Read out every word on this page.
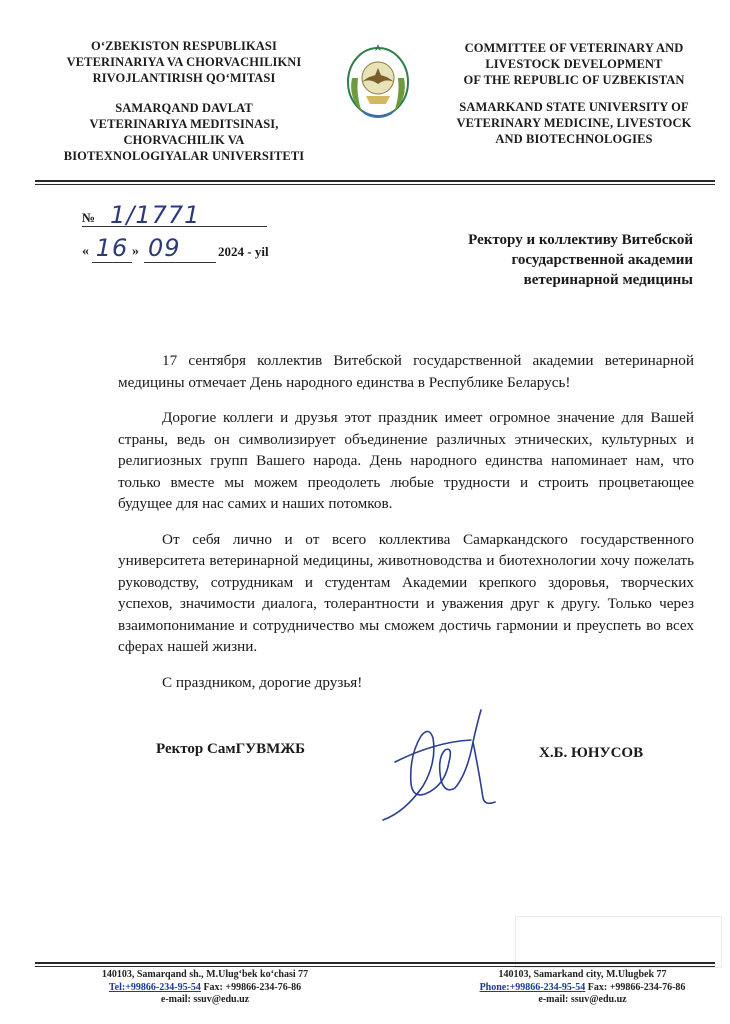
O‘ZBEKISTON RESPUBLIKASI
VETERINARIYA VA CHORVACHILIKNI
RIVOJLANTIRISH QO‘MITASI
SAMARQAND DAVLAT
VETERINARIYA MEDITSINASI,
CHORVACHILIK VA
BIOTEXNOLOGIYALAR UNIVERSITETI
COMMITTEE OF VETERINARY AND
LIVESTOCK DEVELOPMENT
OF THE REPUBLIC OF UZBEKISTAN
SAMARKAND STATE UNIVERSITY OF
VETERINARY MEDICINE, LIVESTOCK
AND BIOTECHNOLOGIES
№ 1/1771
« 16 » 09	2024 - yil
Ректору и коллективу Витебской
государственной академии
ветеринарной медицины

17 сентября коллектив Витебской государственной академии ветеринарной медицины отмечает День народного единства в Республике Беларусь!

Дорогие коллеги и друзья этот праздник имеет огромное значение для Вашей страны, ведь он символизирует объединение различных этнических, культурных и религиозных групп Вашего народа. День народного единства напоминает нам, что только вместе мы можем преодолеть любые трудности и строить процветающее будущее для нас самих и наших потомков.

От себя лично и от всего коллектива Самаркандского государственного университета ветеринарной медицины, животноводства и биотехнологии хочу пожелать руководству, сотрудникам и студентам Академии крепкого здоровья, творческих успехов, значимости диалога, толерантности и уважения друг к другу. Только через взаимопонимание и сотрудничество мы сможем достичь гармонии и преуспеть во всех сферах нашей жизни.

С праздником, дорогие друзья!

Ректор СамГУВМЖБ	Х.Б. ЮНУСОВ
140103, Samarqand sh., M.Ulug‘bek ko‘chasi 77
Tel:+99866-234-95-54 Fax: +99866-234-76-86
e-mail: ssuv@edu.uz
140103, Samarkand city, M.Ulugbek 77
Phone:+99866-234-95-54 Fax: +99866-234-76-86
e-mail: ssuv@edu.uz
